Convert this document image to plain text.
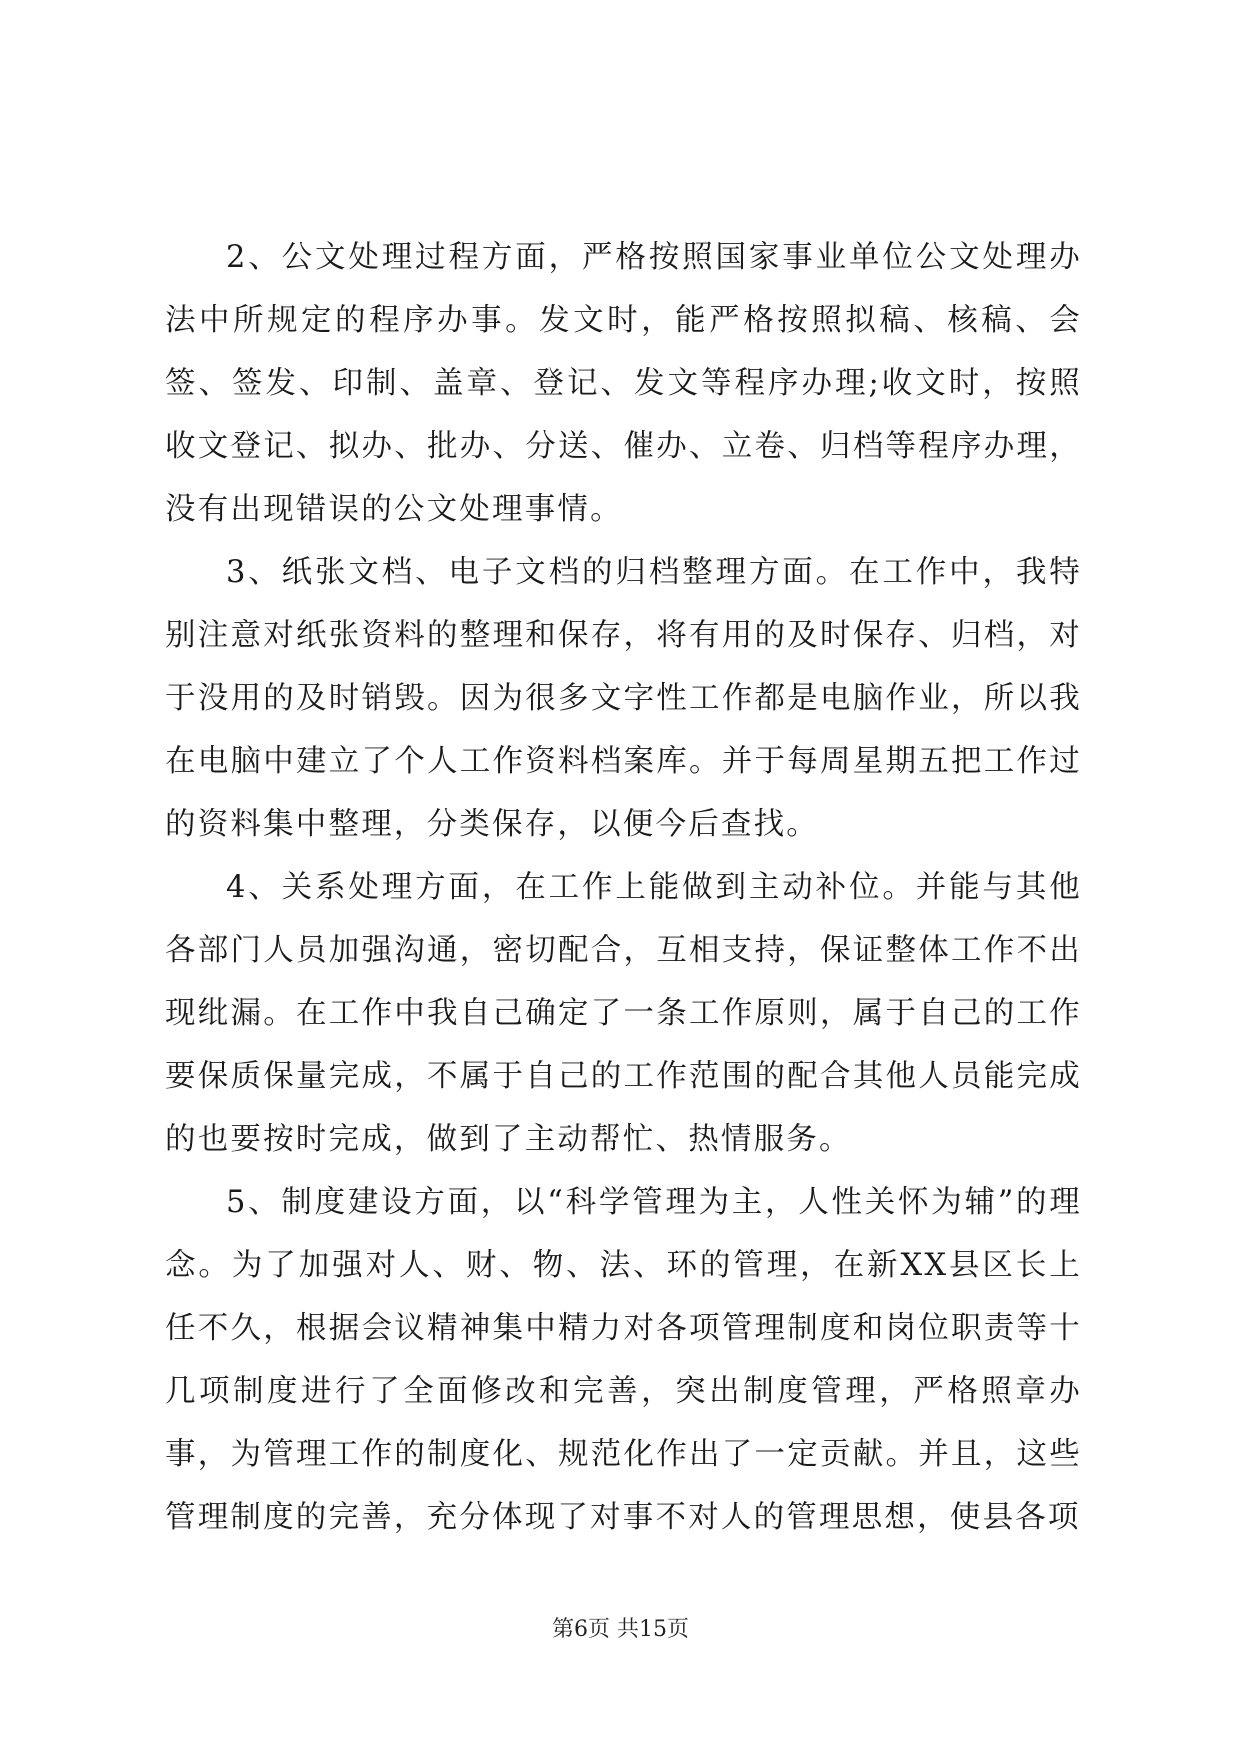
2、公文处理过程方面，严格按照国家事业单位公文处理办法中所规定的程序办事。发文时，能严格按照拟稿、核稿、会签、签发、印制、盖章、登记、发文等程序办理;收文时，按照收文登记、拟办、批办、分送、催办、立卷、归档等程序办理，没有出现错误的公文处理事情。

3、纸张文档、电子文档的归档整理方面。在工作中，我特别注意对纸张资料的整理和保存，将有用的及时保存、归档，对于没用的及时销毁。因为很多文字性工作都是电脑作业，所以我在电脑中建立了个人工作资料档案库。并于每周星期五把工作过的资料集中整理，分类保存，以便今后查找。

4、关系处理方面，在工作上能做到主动补位。并能与其他各部门人员加强沟通，密切配合，互相支持，保证整体工作不出现纰漏。在工作中我自己确定了一条工作原则，属于自己的工作要保质保量完成，不属于自己的工作范围的配合其他人员能完成的也要按时完成，做到了主动帮忙、热情服务。

5、制度建设方面，以“科学管理为主，人性关怀为辅”的理念。为了加强对人、财、物、法、环的管理，在新XX县区长上任不久，根据会议精神集中精力对各项管理制度和岗位职责等十几项制度进行了全面修改和完善，突出制度管理，严格照章办事，为管理工作的制度化、规范化作出了一定贡献。并且，这些管理制度的完善，充分体现了对事不对人的管理思想，使县各项

第6页 共15页
